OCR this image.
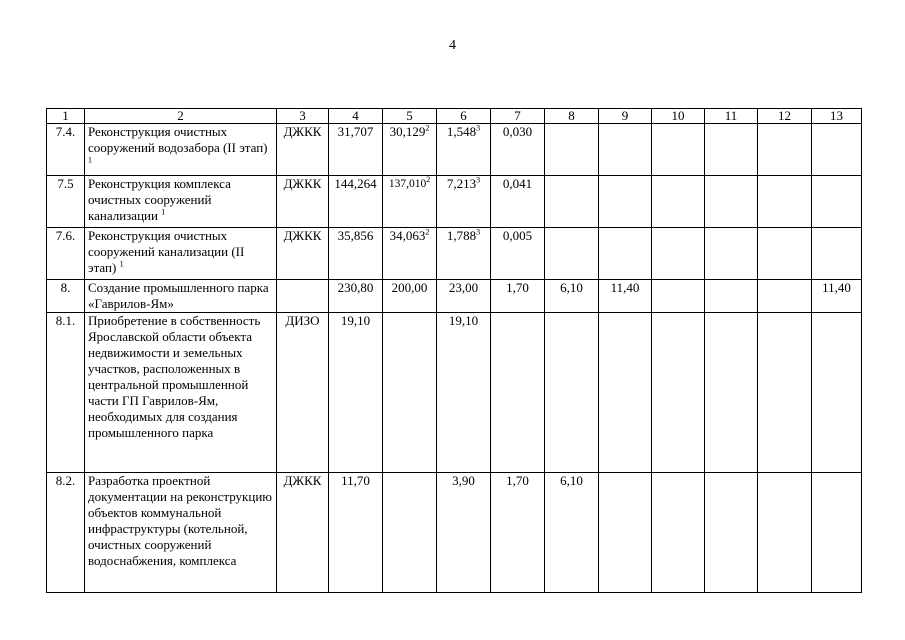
4
1	2	3	4	5	6	7	8	9	10	11	12	13
7.4.	Реконструкция очистных сооружений водозабора (II этап) $^1$	ДЖКК	31,707	30,129$^2$	1,548$^3$	0,030						
7.5	Реконструкция комплекса очистных сооружений канализации $^1$	ДЖКК	144,264	137,010$^2$	7,213$^3$	0,041						
7.6.	Реконструкция очистных сооружений канализации (II этап) $^1$	ДЖКК	35,856	34,063$^2$	1,788$^3$	0,005						
8.	Создание промышленного парка «Гаврилов-Ям»		230,80	200,00	23,00	1,70	6,10	11,40				11,40
8.1.	Приобретение в собственность Ярославской области объекта недвижимости и земельных участков, расположенных в центральной промышленной части ГП Гаврилов-Ям, необходимых для создания промышленного парка	ДИЗО	19,10		19,10							
8.2.	Разработка проектной документации на реконструкцию объектов коммунальной инфраструктуры (котельной, очистных сооружений водоснабжения, комплекса	ДЖКК	11,70		3,90	1,70	6,10					
